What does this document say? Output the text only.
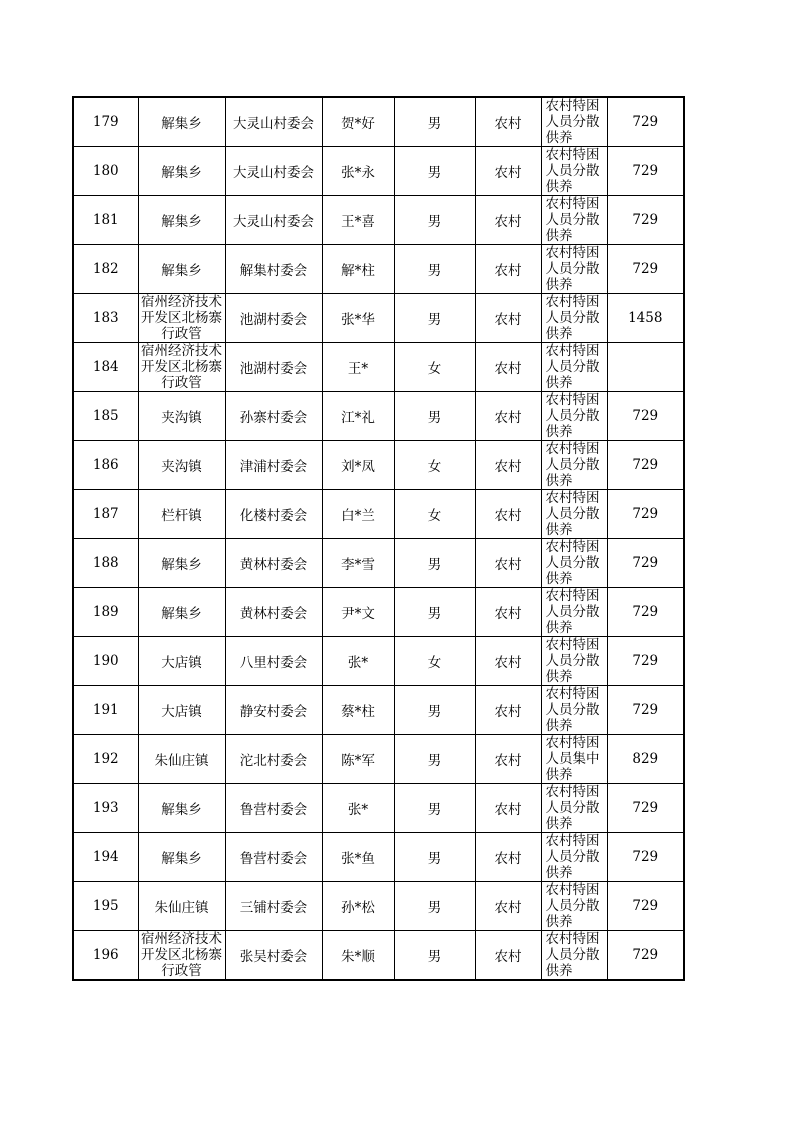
179	解集乡	大灵山村委会	贺*好	男	农村	农村特困人员分散供养	729
180	解集乡	大灵山村委会	张*永	男	农村	农村特困人员分散供养	729
181	解集乡	大灵山村委会	王*喜	男	农村	农村特困人员分散供养	729
182	解集乡	解集村委会	解*柱	男	农村	农村特困人员分散供养	729
183	宿州经济技术开发区北杨寨行政管	池湖村委会	张*华	男	农村	农村特困人员分散供养	1458
184	宿州经济技术开发区北杨寨行政管	池湖村委会	王*	女	农村	农村特困人员分散供养	

185	夹沟镇	孙寨村委会	江*礼	男	农村	农村特困人员分散供养	729
186	夹沟镇	津浦村委会	刘*凤	女	农村	农村特困人员分散供养	729
187	栏杆镇	化楼村委会	白*兰	女	农村	农村特困人员分散供养	729
188	解集乡	黄林村委会	李*雪	男	农村	农村特困人员分散供养	729
189	解集乡	黄林村委会	尹*文	男	农村	农村特困人员分散供养	729
190	大店镇	八里村委会	张*	女	农村	农村特困人员分散供养	729
191	大店镇	静安村委会	蔡*柱	男	农村	农村特困人员分散供养	729
192	朱仙庄镇	沱北村委会	陈*军	男	农村	农村特困人员集中供养	829
193	解集乡	鲁营村委会	张*	男	农村	农村特困人员分散供养	729
194	解集乡	鲁营村委会	张*鱼	男	农村	农村特困人员分散供养	729
195	朱仙庄镇	三铺村委会	孙*松	男	农村	农村特困人员分散供养	729
196	宿州经济技术开发区北杨寨行政管	张吴村委会	朱*顺	男	农村	农村特困人员分散供养	729
